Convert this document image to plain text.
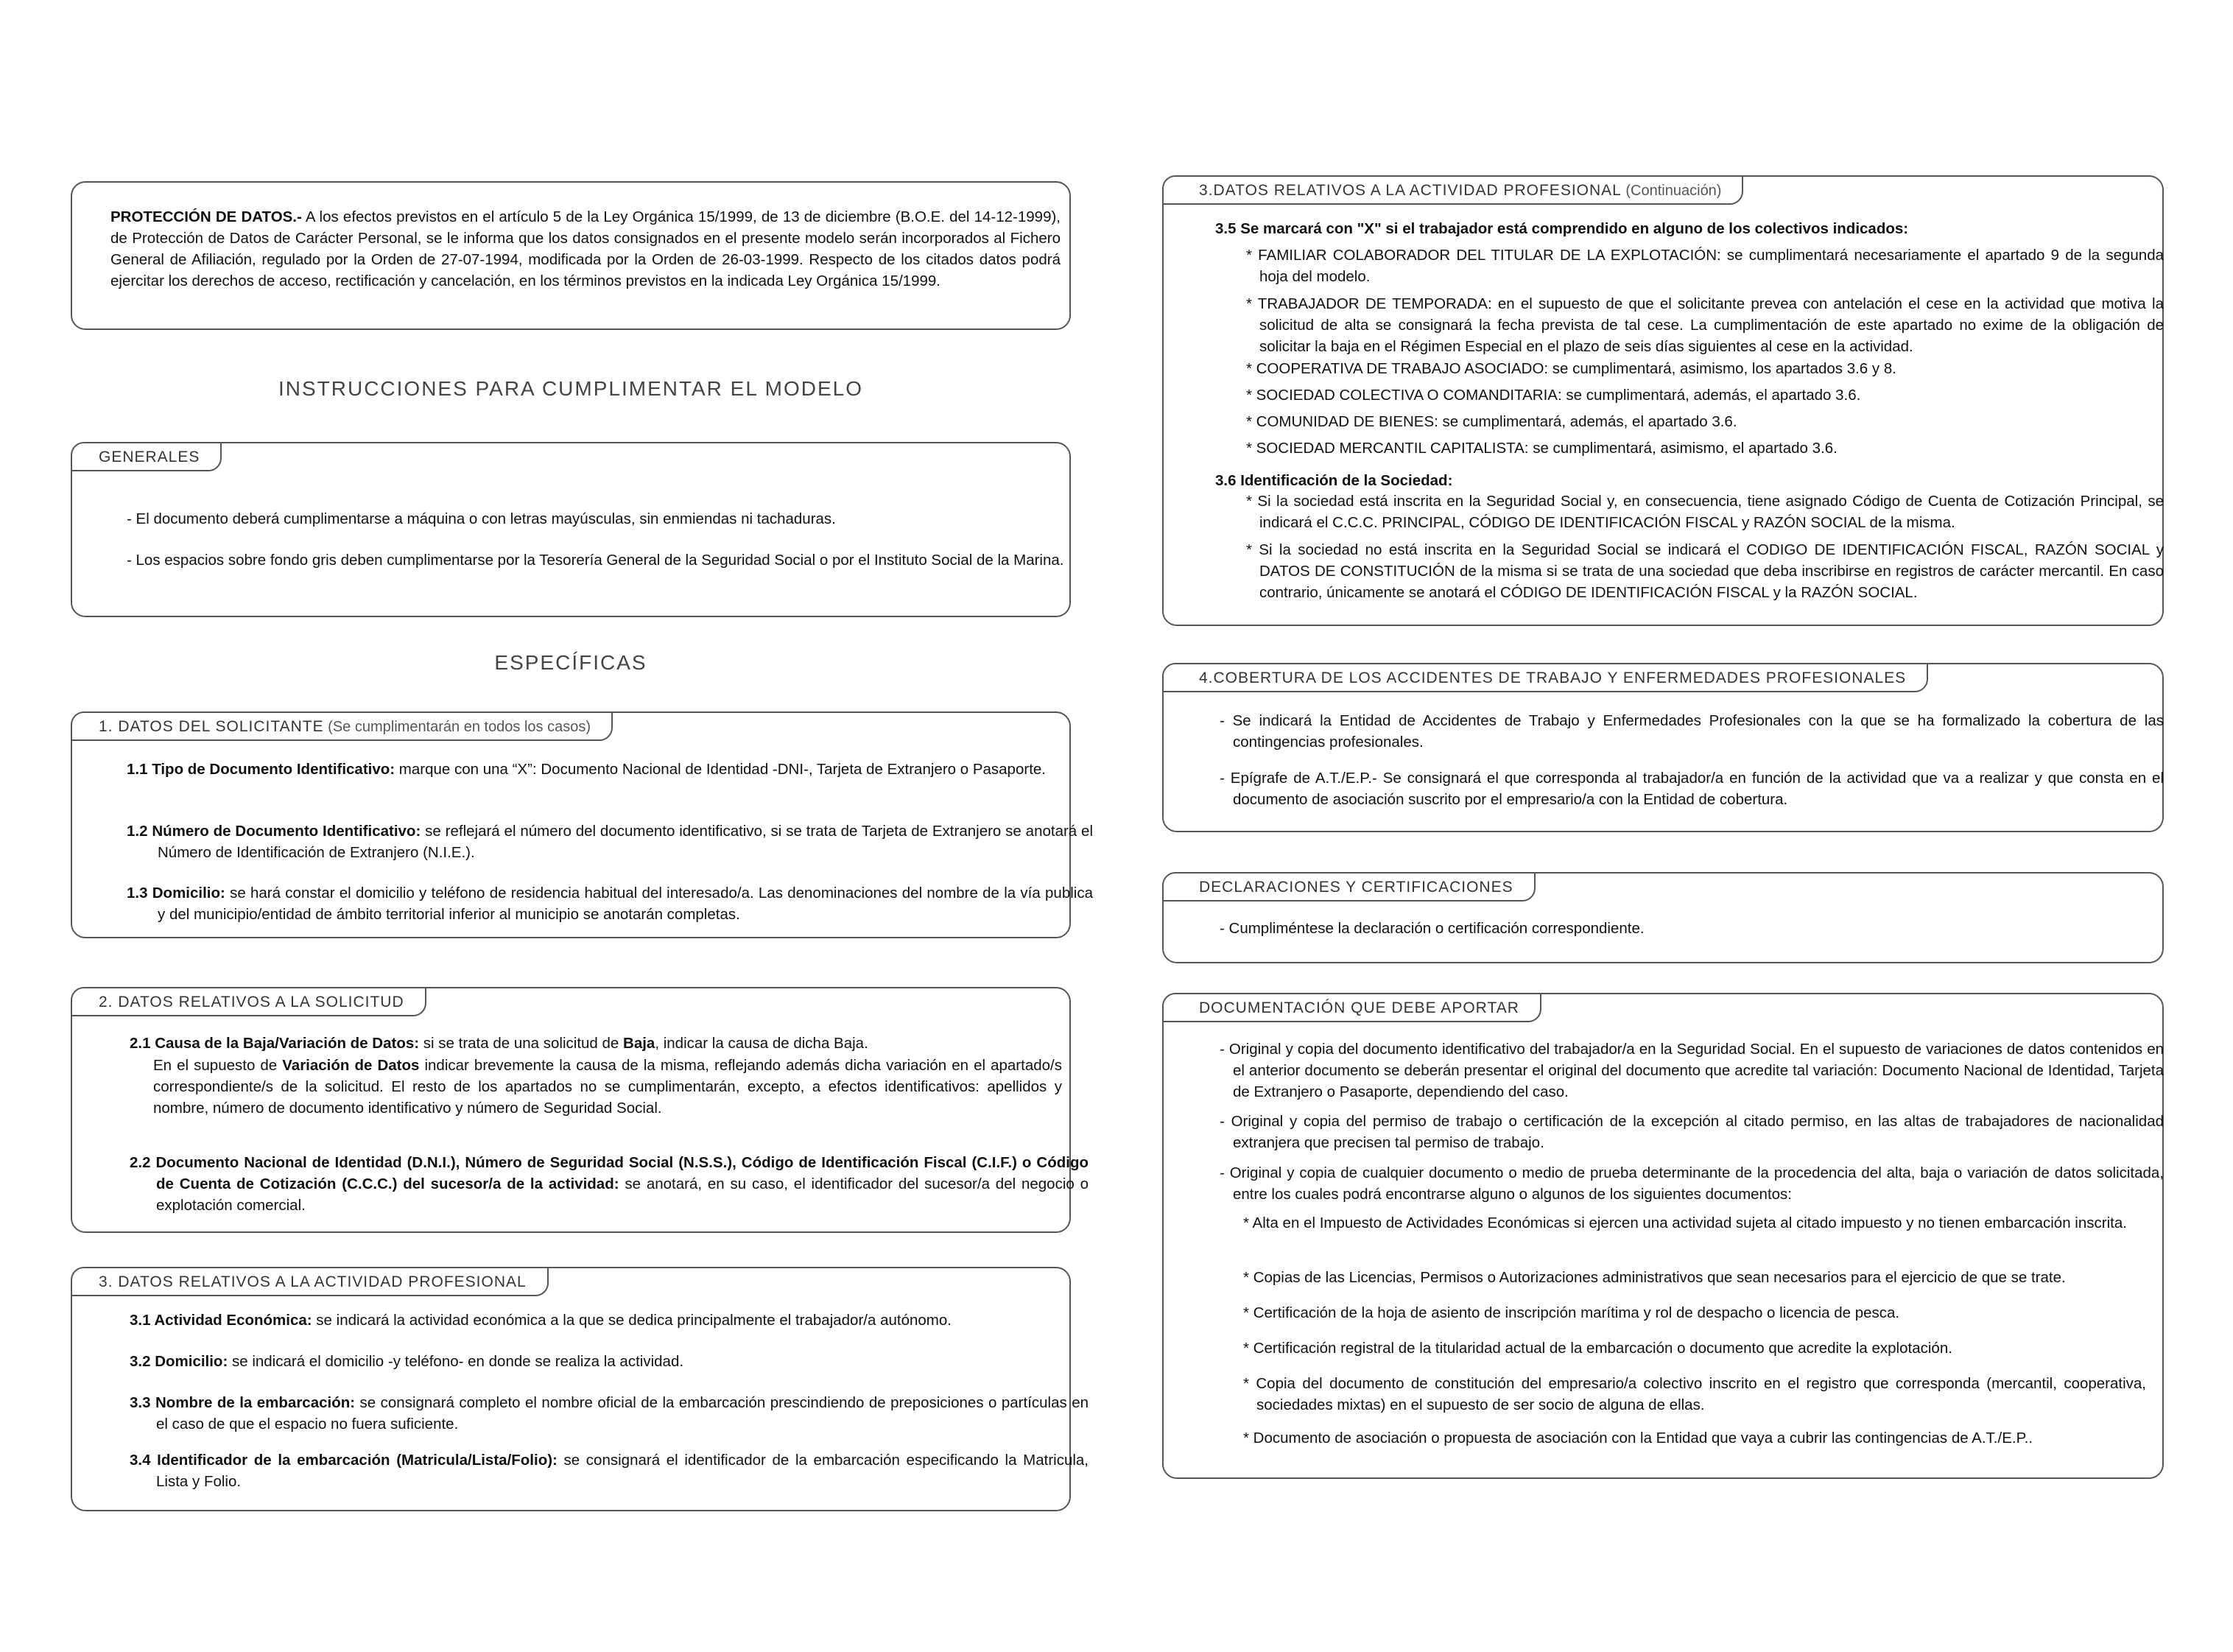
PROTECCIÓN DE DATOS.- A los efectos previstos en el artículo 5 de la Ley Orgánica 15/1999, de 13 de diciembre (B.O.E. del 14-12-1999), de Protección de Datos de Carácter Personal, se le informa que los datos consignados en el presente modelo serán incorporados al Fichero General de Afiliación, regulado por la Orden de 27-07-1994, modificada por la Orden de 26-03-1999. Respecto de los citados datos podrá ejercitar los derechos de acceso, rectificación y cancelación, en los términos previstos en la indicada Ley Orgánica 15/1999.
INSTRUCCIONES PARA CUMPLIMENTAR EL MODELO
GENERALES
- El documento deberá cumplimentarse a máquina o con letras mayúsculas, sin enmiendas ni tachaduras.
- Los espacios sobre fondo gris deben cumplimentarse por la Tesorería General de la Seguridad Social o por el Instituto Social de la Marina.
ESPECÍFICAS
1. DATOS DEL SOLICITANTE (Se cumplimentarán en todos los casos)
1.1 Tipo de Documento Identificativo: marque con una “X”: Documento Nacional de Identidad -DNI-, Tarjeta de Extranjero o Pasaporte.
1.2 Número de Documento Identificativo: se reflejará el número del documento identificativo, si se trata de Tarjeta de Extranjero se anotará el Número de Identificación de Extranjero (N.I.E.).
1.3 Domicilio: se hará constar el domicilio y teléfono de residencia habitual del interesado/a. Las denominaciones del nombre de la vía publica y del municipio/entidad de ámbito territorial inferior al municipio se anotarán completas.
2. DATOS RELATIVOS A LA SOLICITUD
2.1 Causa de la Baja/Variación de Datos: si se trata de una solicitud de Baja, indicar la causa de dicha Baja.
En el supuesto de Variación de Datos indicar brevemente la causa de la misma, reflejando además dicha variación en el apartado/s correspondiente/s de la solicitud. El resto de los apartados no se cumplimentarán, excepto, a efectos identificativos: apellidos y nombre, número de documento identificativo y número de Seguridad Social.
2.2 Documento Nacional de Identidad (D.N.I.), Número de Seguridad Social (N.S.S.), Código de Identificación Fiscal (C.I.F.) o Código de Cuenta de Cotización (C.C.C.) del sucesor/a de la actividad: se anotará, en su caso, el identificador del sucesor/a del negocio o explotación comercial.
3. DATOS RELATIVOS A LA ACTIVIDAD PROFESIONAL
3.1 Actividad Económica: se indicará la actividad económica a la que se dedica principalmente el trabajador/a autónomo.
3.2 Domicilio: se indicará el domicilio -y teléfono- en donde se realiza la actividad.
3.3 Nombre de la embarcación: se consignará completo el nombre oficial de la embarcación prescindiendo de preposiciones o partículas en el caso de que el espacio no fuera suficiente.
3.4 Identificador de la embarcación (Matricula/Lista/Folio): se consignará el identificador de la embarcación especificando la Matricula, Lista y Folio.
3.DATOS RELATIVOS A LA ACTIVIDAD PROFESIONAL (Continuación)
3.5 Se marcará con "X" si el trabajador está comprendido en alguno de los colectivos indicados:
* FAMILIAR COLABORADOR DEL TITULAR DE LA EXPLOTACIÓN: se cumplimentará necesariamente el apartado 9 de la segunda hoja del modelo.
* TRABAJADOR DE TEMPORADA: en el supuesto de que el solicitante prevea con antelación el cese en la actividad que motiva la solicitud de alta se consignará la fecha prevista de tal cese. La cumplimentación de este apartado no exime de la obligación de solicitar la baja en el Régimen Especial en el plazo de seis días siguientes al cese en la actividad.
* COOPERATIVA DE TRABAJO ASOCIADO: se cumplimentará, asimismo, los apartados 3.6 y 8.
* SOCIEDAD COLECTIVA O COMANDITARIA: se cumplimentará, además, el apartado 3.6.
* COMUNIDAD DE BIENES: se cumplimentará, además, el apartado 3.6.
* SOCIEDAD MERCANTIL CAPITALISTA: se cumplimentará, asimismo, el apartado 3.6.
3.6 Identificación de la Sociedad:
* Si la sociedad está inscrita en la Seguridad Social y, en consecuencia, tiene asignado Código de Cuenta de Cotización Principal, se indicará el C.C.C. PRINCIPAL, CÓDIGO DE IDENTIFICACIÓN FISCAL y RAZÓN SOCIAL de la misma.
* Si la sociedad no está inscrita en la Seguridad Social se indicará el CODIGO DE IDENTIFICACIÓN FISCAL, RAZÓN SOCIAL y DATOS DE CONSTITUCIÓN de la misma si se trata de una sociedad que deba inscribirse en registros de carácter mercantil. En caso contrario, únicamente se anotará el CÓDIGO DE IDENTIFICACIÓN FISCAL y la RAZÓN SOCIAL.
4.COBERTURA DE LOS ACCIDENTES DE TRABAJO Y ENFERMEDADES PROFESIONALES
- Se indicará la Entidad de Accidentes de Trabajo y Enfermedades Profesionales con la que se ha formalizado la cobertura de las contingencias profesionales.
- Epígrafe de A.T./E.P.- Se consignará el que corresponda al trabajador/a en función de la actividad que va a realizar y que consta en el documento de asociación suscrito por el empresario/a con la Entidad de cobertura.
DECLARACIONES Y CERTIFICACIONES
- Cumpliméntese la declaración o certificación correspondiente.
DOCUMENTACIÓN QUE DEBE APORTAR
- Original y copia del documento identificativo del trabajador/a en la Seguridad Social. En el supuesto de variaciones de datos contenidos en el anterior documento se deberán presentar el original del documento que acredite tal variación: Documento Nacional de Identidad, Tarjeta de Extranjero o Pasaporte, dependiendo del caso.
- Original y copia del permiso de trabajo o certificación de la excepción al citado permiso, en las altas de trabajadores de nacionalidad extranjera que precisen tal permiso de trabajo.
- Original y copia de cualquier documento o medio de prueba determinante de la procedencia del alta, baja o variación de datos solicitada, entre los cuales podrá encontrarse alguno o algunos de los siguientes documentos:
* Alta en el Impuesto de Actividades Económicas si ejercen una actividad sujeta al citado impuesto y no tienen embarcación inscrita.
* Copias de las Licencias, Permisos o Autorizaciones administrativos que sean necesarios para el ejercicio de que se trate.
* Certificación de la hoja de asiento de inscripción marítima y rol de despacho o licencia de pesca.
* Certificación registral de la titularidad actual de la embarcación o documento que acredite la explotación.
* Copia del documento de constitución del empresario/a colectivo inscrito en el registro que corresponda (mercantil, cooperativa, sociedades mixtas) en el supuesto de ser socio de alguna de ellas.
* Documento de asociación o propuesta de asociación con la Entidad que vaya a cubrir las contingencias de A.T./E.P..
